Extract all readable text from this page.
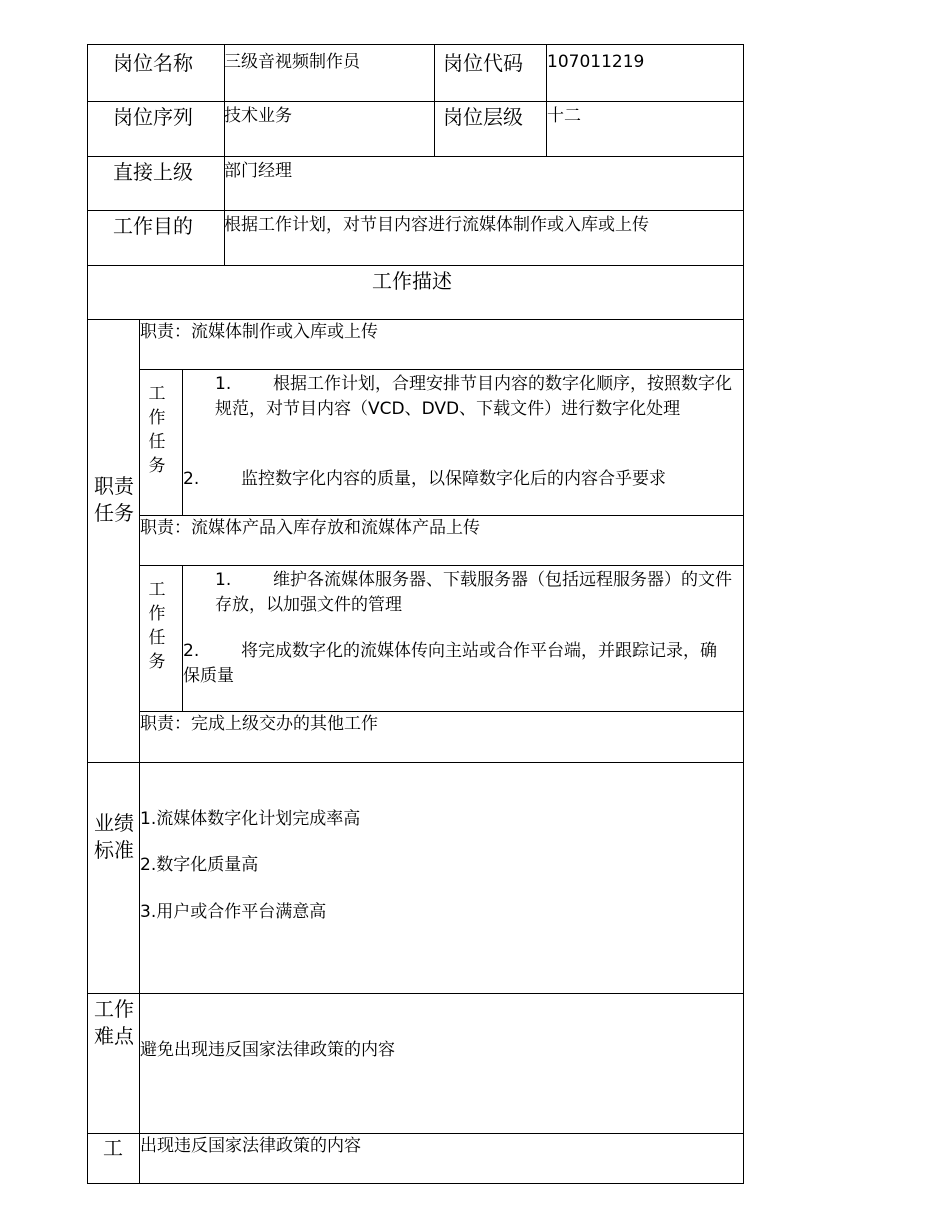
岗位名称 三级音视频制作员	岗位代码 107011219
岗位序列 技术业务	岗位层级 十二
直接上级 部门经理
工作目的 根据工作计划，对节目内容进行流媒体制作或入库或上传
工作描述
职责任务
职责：流媒体制作或入库或上传
工作任务
1. 根据工作计划，合理安排节目内容的数字化顺序，按照数字化规范，对节目内容（VCD、DVD、下载文件）进行数字化处理
2. 监控数字化内容的质量，以保障数字化后的内容合乎要求
职责：流媒体产品入库存放和流媒体产品上传
工作任务
1. 维护各流媒体服务器、下载服务器（包括远程服务器）的文件存放，以加强文件的管理
2. 将完成数字化的流媒体传向主站或合作平台端，并跟踪记录，确保质量
职责：完成上级交办的其他工作
业绩标准
1.流媒体数字化计划完成率高
2.数字化质量高
3.用户或合作平台满意高
工作难点
避免出现违反国家法律政策的内容
工 出现违反国家法律政策的内容
